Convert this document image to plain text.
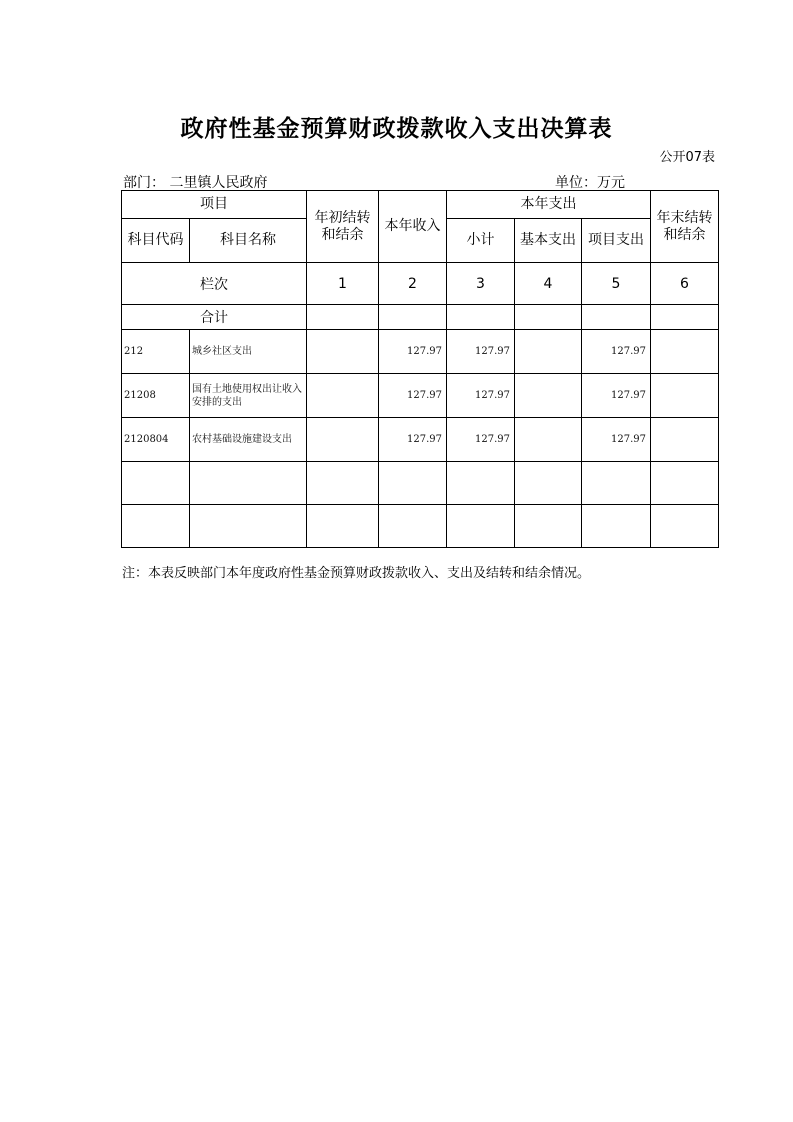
政府性基金预算财政拨款收入支出决算表
公开07表
部门： 二里镇人民政府	单位：万元
项目		年初结转和结余	本年收入	本年支出			年末结转和结余
科目代码	科目名称			小计	基本支出	项目支出	
栏次		1	2	3	4	5	6
合计							
212	城乡社区支出		127.97	127.97		127.97	
21208	国有土地使用权出让收入安排的支出		127.97	127.97		127.97	
2120804	农村基础设施建设支出		127.97	127.97		127.97	

注：本表反映部门本年度政府性基金预算财政拨款收入、支出及结转和结余情况。
